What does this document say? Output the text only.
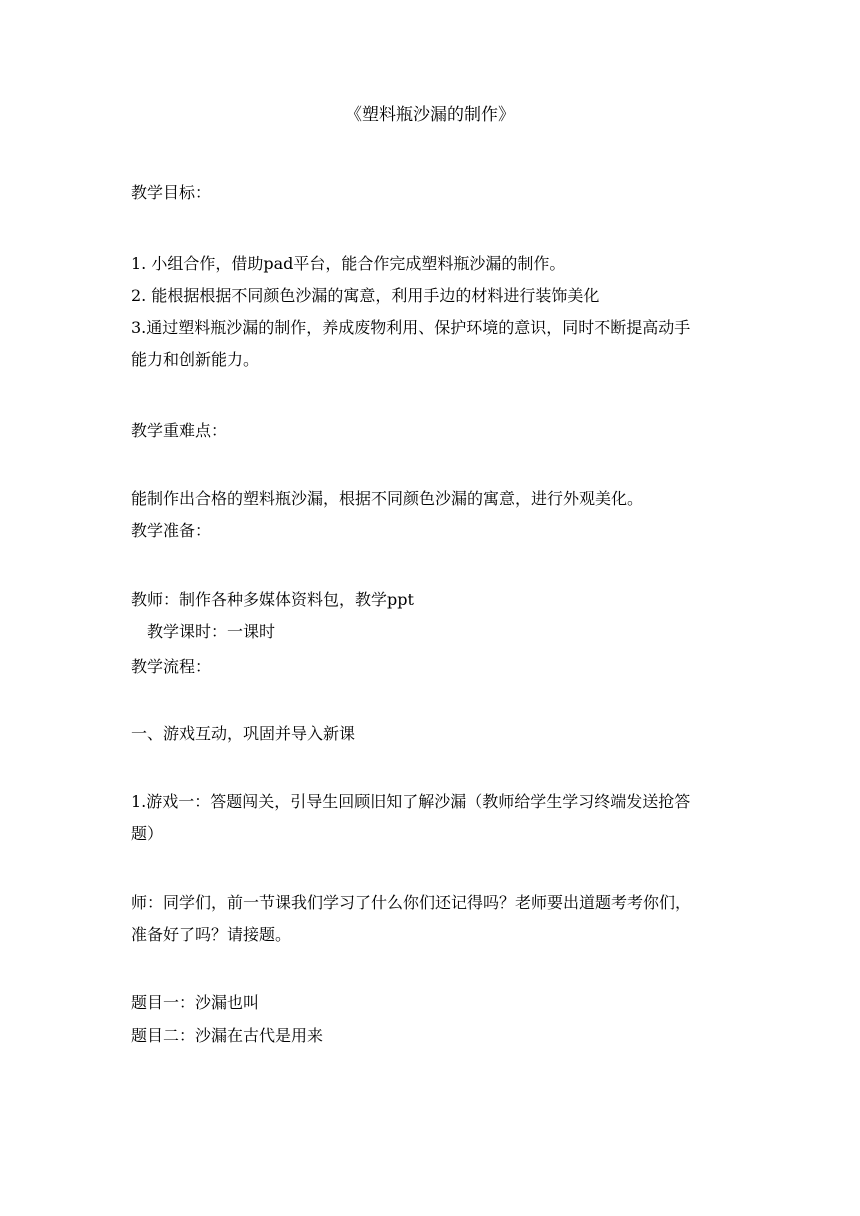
《塑料瓶沙漏的制作》
教学目标：
1. 小组合作，借助pad平台，能合作完成塑料瓶沙漏的制作。
2. 能根据根据不同颜色沙漏的寓意，利用手边的材料进行装饰美化
3.通过塑料瓶沙漏的制作，养成废物利用、保护环境的意识，同时不断提高动手
能力和创新能力。
教学重难点：
能制作出合格的塑料瓶沙漏，根据不同颜色沙漏的寓意，进行外观美化。
教学准备：
教师：制作各种多媒体资料包，教学ppt
教学课时：一课时
教学流程：
一、游戏互动，巩固并导入新课
1.游戏一：答题闯关，引导生回顾旧知了解沙漏（教师给学生学习终端发送抢答
题）
师：同学们，前一节课我们学习了什么你们还记得吗？老师要出道题考考你们，
准备好了吗？请接题。
题目一：沙漏也叫
题目二：沙漏在古代是用来
